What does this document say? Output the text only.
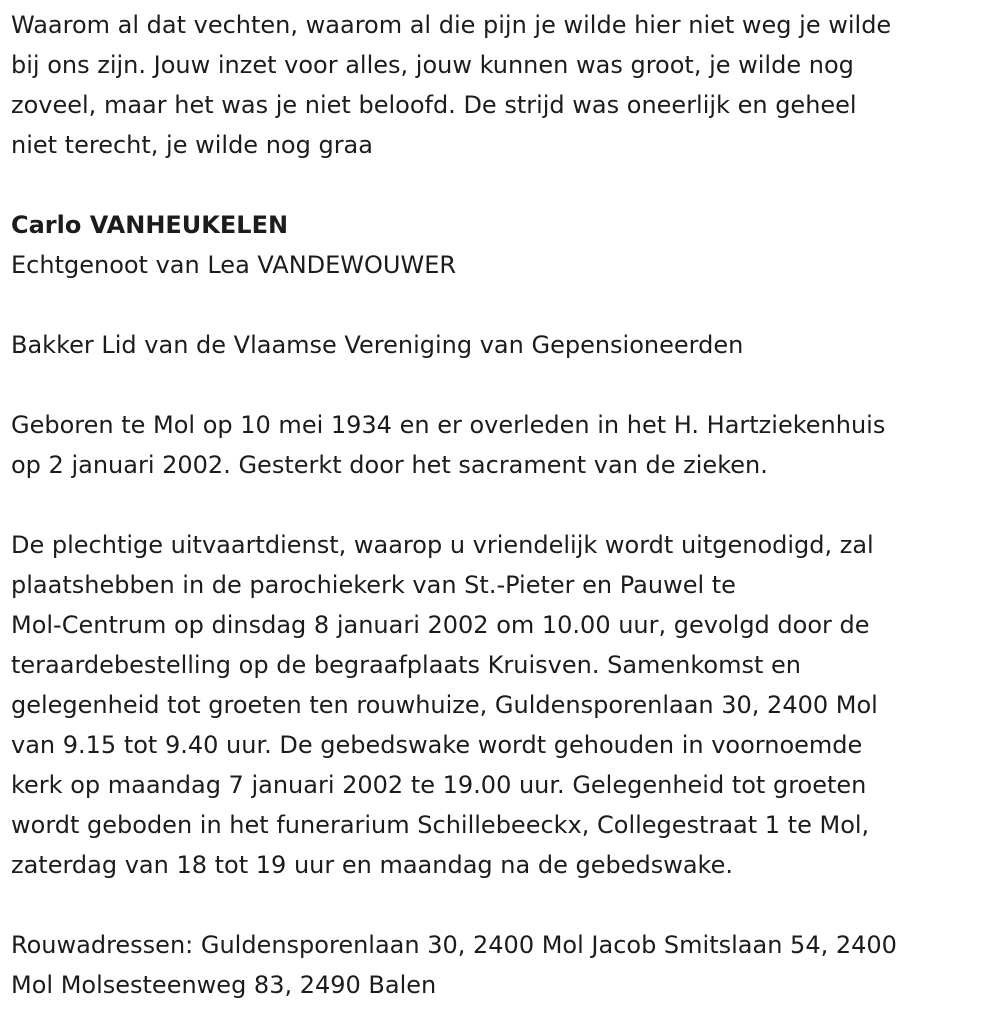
Waarom al dat vechten, waarom al die pijn je wilde hier niet weg je wilde

bij ons zijn. Jouw inzet voor alles, jouw kunnen was groot, je wilde nog

zoveel, maar het was je niet beloofd. De strijd was oneerlijk en geheel

niet terecht, je wilde nog graa

Carlo VANHEUKELEN

Echtgenoot van Lea VANDEWOUWER

Bakker Lid van de Vlaamse Vereniging van Gepensioneerden

Geboren te Mol op 10 mei 1934 en er overleden in het H. Hartziekenhuis

op 2 januari 2002. Gesterkt door het sacrament van de zieken.

De plechtige uitvaartdienst, waarop u vriendelijk wordt uitgenodigd, zal

plaatshebben in de parochiekerk van St.-Pieter en Pauwel te

Mol-Centrum op dinsdag 8 januari 2002 om 10.00 uur, gevolgd door de

teraardebestelling op de begraafplaats Kruisven. Samenkomst en

gelegenheid tot groeten ten rouwhuize, Guldensporenlaan 30, 2400 Mol

van 9.15 tot 9.40 uur. De gebedswake wordt gehouden in voornoemde

kerk op maandag 7 januari 2002 te 19.00 uur. Gelegenheid tot groeten

wordt geboden in het funerarium Schillebeeckx, Collegestraat 1 te Mol,

zaterdag van 18 tot 19 uur en maandag na de gebedswake.

Rouwadressen: Guldensporenlaan 30, 2400 Mol Jacob Smitslaan 54, 2400

Mol Molsesteenweg 83, 2490 Balen
